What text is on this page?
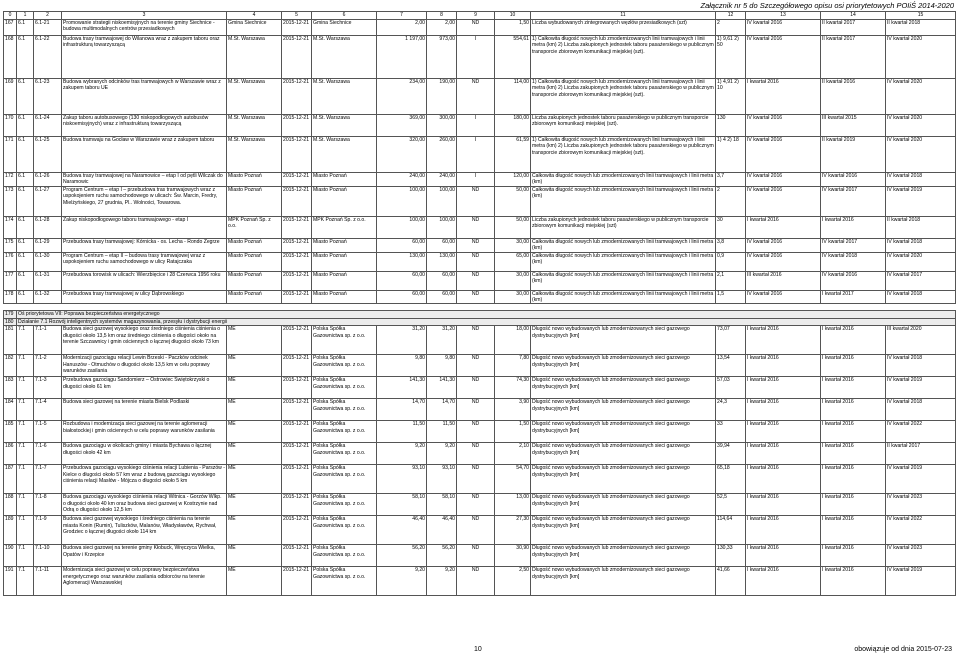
Załącznik nr 5 do Szczegółowego opisu osi priorytetowych POIiŚ 2014-2020
0	1	2	3	4	5	6	7	8	9	10	11	12	13	14	15
167	6.1	6.1-21	Promowanie strategii niskoemisyjnych na terenie gminy Siechnice - budowa multimodalnych centrów przesiadkowych	Gmina Siechnice	2015-12-21	Gmina Siechnice	2,00	2,00	ND	1,50	Liczba wybudowanych zintegrowanych węzłów przesiadkowych (szt)	2	IV kwartał 2016	II kwartał 2017	II kwartał 2018
168	6.1	6.1-22	Budowa trasy tramwajowej do Wilanowa wraz z zakupem taboru oraz infrastrukturą towarzyszącą	M.St. Warszawa	2015-12-21	M.St. Warszawa	1 197,00	973,00	I	554,61	1) Całkowita długość nowych lub zmodernizowanych linii tramwajowych i linii metra (km) 2) Liczba zakupionych jednostek taboru pasażerskiego w publicznym transporcie zbiorowym komunikacji miejskiej (szt).	1) 9,61 2) 50	IV kwartał 2016	II kwartał 2017	IV kwartał 2020
169	6.1	6.1-23	Budowa wybranych odcinków tras tramwajowych w Warszawie wraz z zakupem taboru UE	M.St. Warszawa	2015-12-21	M.St. Warszawa	234,00	190,00	ND	114,00	1) Całkowita długość nowych lub zmodernizowanych linii tramwajowych i linii metra (km) 2) Liczba zakupionych jednostek taboru pasażerskiego w publicznym transporcie zbiorowym komunikacji miejskiej (szt).	1) 4,91 2) 10	I kwartał 2016	II kwartał 2016	IV kwartał 2020
170	6.1	6.1-24	Zakup taboru autobusowego (130 niskopodłogowych autobusów niskoemisyjnych) wraz z infrastrukturą towarzyszącą	M.St. Warszawa	2015-12-21	M.St. Warszawa	369,00	300,00	I	180,00	Liczba zakupionych jednostek taboru pasażerskiego w publicznym transporcie zbiorowym komunikacji miejskiej (szt).	130	IV kwartał 2016	III kwartał 2015	IV kwartał 2020
171	6.1	6.1-25	Budowa tramwaju na Gocław w Warszawie wraz z zakupem taboru	M.St. Warszawa	2015-12-21	M.St. Warszawa	320,00	260,00	I	61,59	1) Całkowita długość nowych lub zmodernizowanych linii tramwajowych i linii metra (km) 2) Liczba zakupionych jednostek taboru pasażerskiego w publicznym transporcie zbiorowym komunikacji miejskiej (szt).	1) 4 2) 18	IV kwartał 2016	II kwartał 2019	IV kwartał 2020
172	6.1	6.1-26	Budowa trasy tramwajowej na Naramowice – etap I od pętli Wilczak do Naramowic	Miasto Poznań	2015-12-21	Miasto Poznań	240,00	240,00	I	120,00	Całkowita długość nowych lub zmodernizowanych linii tramwajowych i linii metra (km)	3,7	IV kwartał 2016	IV kwartał 2016	IV kwartał 2018
173	6.1	6.1-27	Program Centrum – etap I – przebudowa tras tramwajowych wraz z uspokojeniem ruchu samochodowego w ulicach: Św. Marcin, Fredry, Mielżyńskiego, 27 grudnia, Pl.. Wolności, Towarowa.	Miasto Poznań	2015-12-21	Miasto Poznań	100,00	100,00	ND	50,00	Całkowita długość nowych lub zmodernizowanych linii tramwajowych i linii metra (km)	2	IV kwartał 2016	IV kwartał 2017	IV kwartał 2019
174	6.1	6.1-28	Zakup niskopodłogowego taboru tramwajowego - etap I	MPK Poznań Sp. z o.o.	2015-12-21	MPK Poznań Sp. z o.o.	100,00	100,00	ND	50,00	Liczba zakupionych jednostek taboru pasażerskiego w publicznym transporcie zbiorowym komunikacji miejskiej (szt)	30	I kwartał 2016	I kwartał 2016	II kwartał 2018
175	6.1	6.1-29	Przebudowa trasy tramwajowej: Kórnicka - os. Lecha - Rondo Żegrze	Miasto Poznań	2015-12-21	Miasto Poznań	60,00	60,00	ND	30,00	Całkowita długość nowych lub zmodernizowanych linii tramwajowych i linii metra (km)	3,8	IV kwartał 2016	IV kwartał 2017	IV kwartał 2018
176	6.1	6.1-30	Program Centrum – etap II – budowa trasy tramwajowej wraz z uspokojeniem ruchu samochodowego w ulicy Ratajczaka	Miasto Poznań	2015-12-21	Miasto Poznań	130,00	130,00	ND	65,00	Całkowita długość nowych lub zmodernizowanych linii tramwajowych i linii metra (km)	0,9	IV kwartał 2016	IV kwartał 2018	IV kwartał 2020
177	6.1	6.1-31	Przebudowa torowisk w ulicach: Wierzbięcice i 28 Czerwca 1956 roku	Miasto Poznań	2015-12-21	Miasto Poznań	60,00	60,00	ND	30,00	Całkowita długość nowych lub zmodernizowanych linii tramwajowych i linii metra (km)	2,1	III kwartał 2016	IV kwartał 2016	IV kwartał 2017
178	6.1	6.1-32	Przebudowa trasy tramwajowej w ulicy Dąbrowskiego	Miasto Poznań	2015-12-21	Miasto Poznań	60,00	60,00	ND	30,00	Całkowita długość nowych lub zmodernizowanych linii tramwajowych i linii metra (km)	1,5	IV kwartał 2016	I kwartał 2017	IV kwartał 2018

179	Oś priorytetowa VII: Poprawa bezpieczeństwa energetycznego														
180	Działanie 7.1 Rozwój inteligentnych systemów magazynowania, przesyłu i dystrybucji energii														
181	7.1	7.1-1	Budowa sieci gazowej wysokiego oraz średniego ciśnienia ciśnienia o długości około 13,5 km oraz średniego ciśnienia o długości około na terenie Szczawnicy i gmin ościennych o łącznej długości około 73 km	ME	2015-12-21	Polska Spółka Gazownictwa sp. z o.o.	31,20	31,20	ND	18,00	Długość nowo wybudowanych lub zmodernizowanych sieci gazowego dystrybucyjnych [km]	73,07	I kwartał 2016	I kwartał 2016	III kwartał 2020
182	7.1	7.1-2	Modernizacji gazociągu relacji Lewin Brzeski - Paczków odcinek Hanuszów - Otmuchów o długości około 13,5 km w celu poprawy warunków zasilania	ME	2015-12-21	Polska Spółka Gazownictwa sp. z o.o.	9,80	9,80	ND	7,80	Długość nowo wybudowanych lub zmodernizowanych sieci gazowego dystrybucyjnych [km]	13,54	I kwartał 2016	I kwartał 2016	IV kwartał 2018
183	7.1	7.1-3	Przebudowa gazociągu Sandomierz – Ostrowiec Świętokrzyski o długości około 61 km	ME	2015-12-21	Polska Spółka Gazownictwa sp. z o.o.	141,30	141,30	ND	74,30	Długość nowo wybudowanych lub zmodernizowanych sieci gazowego dystrybucyjnych [km]	57,03	I kwartał 2016	I kwartał 2016	IV kwartał 2019
184	7.1	7.1-4	Budowa sieci gazowej na terenie miasta Bielsk Podlaski	ME	2015-12-21	Polska Spółka Gazownictwa sp. z o.o.	14,70	14,70	ND	3,90	Długość nowo wybudowanych lub zmodernizowanych sieci gazowego dystrybucyjnych [km]	24,3	I kwartał 2016	I kwartał 2016	IV kwartał 2018
185	7.1	7.1-5	Rozbudowa i modernizacja sieci gazowej na terenie aglomeracji białostockiej i gmin ościennych w celu poprawy warunków zasilania	ME	2015-12-21	Polska Spółka Gazownictwa sp. z o.o.	11,50	11,50	ND	1,50	Długość nowo wybudowanych lub zmodernizowanych sieci gazowego dystrybucyjnych [km]	33	I kwartał 2016	I kwartał 2016	IV kwartał 2022
186	7.1	7.1-6	Budowa gazociągu w okolicach gminy i miasta Bychawa o łącznej długości około 42 km	ME	2015-12-21	Polska Spółka Gazownictwa sp. z o.o.	9,20	9,20	ND	2,10	Długość nowo wybudowanych lub zmodernizowanych sieci gazowego dystrybucyjnych [km]	39,94	I kwartał 2016	I kwartał 2016	II kwartał 2017
187	7.1	7.1-7	Przebudowa gazociągu wysokiego ciśnienia relacji Lubienia - Parszów - Kielce o długości około 57 km wraz z budową gazociągu wysokiego ciśnienia relacji Masłów - Mójcza o długości około 5 km	ME	2015-12-21	Polska Spółka Gazownictwa sp. z o.o.	93,10	93,10	ND	54,70	Długość nowo wybudowanych lub zmodernizowanych sieci gazowego dystrybucyjnych [km]	65,18	I kwartał 2016	I kwartał 2016	IV kwartał 2019
188	7.1	7.1-8	Budowa gazociągu wysokiego ciśnienia relacji Witnica - Gorzów Wlkp. o długości około 40 km oraz budowa sieci gazowej w Kostrzynie nad Odrą o długości około 12,5 km	ME	2015-12-21	Polska Spółka Gazownictwa sp. z o.o.	58,10	58,10	ND	13,00	Długość nowo wybudowanych lub zmodernizowanych sieci gazowego dystrybucyjnych [km]	52,5	I kwartał 2016	I kwartał 2016	IV kwartał 2023
189	7.1	7.1-9	Budowa sieci gazowej wysokiego i średniego ciśnienia na terenie miasta Konin (Rumin), Tuliszków, Malanów, Władysławów, Rychwał, Grodziec o łącznej długości około 114 km	ME	2015-12-21	Polska Spółka Gazownictwa sp. z o.o.	46,40	46,40	ND	27,30	Długość nowo wybudowanych lub zmodernizowanych sieci gazowego dystrybucyjnych [km]	114,64	I kwartał 2016	I kwartał 2016	IV kwartał 2022
190	7.1	7.1-10	Budowa sieci gazowej na terenie gminy Kłobuck, Wręczyca Wielka, Opatów i Krzepice	ME	2015-12-21	Polska Spółka Gazownictwa sp. z o.o.	56,20	56,20	ND	30,90	Długość nowo wybudowanych lub zmodernizowanych sieci gazowego dystrybucyjnych [km]	130,33	I kwartał 2016	I kwartał 2016	IV kwartał 2023
191	7.1	7.1-11	Modernizacja sieci gazowej w celu poprawy bezpieczeństwa energetycznego oraz warunków zasilania odbiorców na terenie Aglomeracji Warszawskiej	ME	2015-12-21	Polska Spółka Gazownictwa sp. z o.o.	9,20	9,20	ND	2,50	Długość nowo wybudowanych lub zmodernizowanych sieci gazowego dystrybucyjnych [km]	41,66	I kwartał 2016	I kwartał 2016	IV kwartał 2019
10	obowiązuje od dnia 2015-07-23
